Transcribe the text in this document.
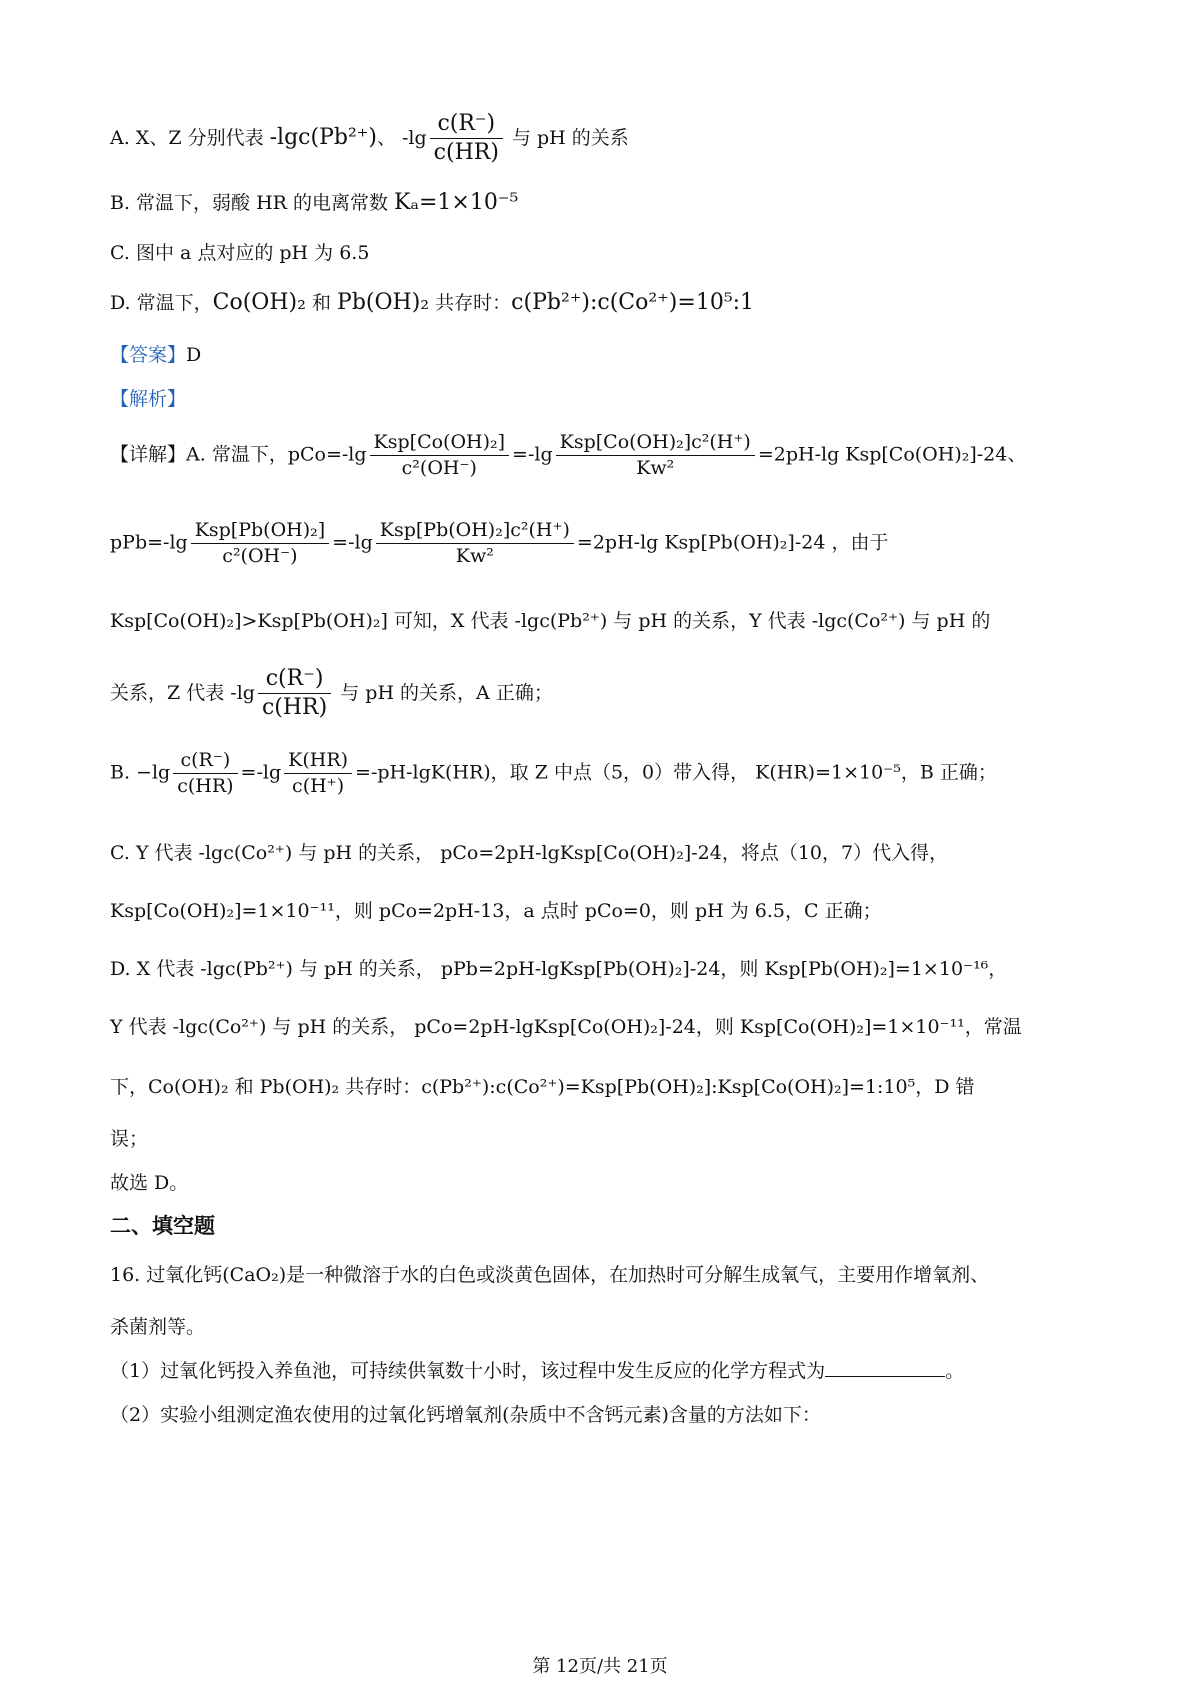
A. X、Z 分别代表 -lgc(Pb²⁺)、 $-\lg \frac{c(R^-)}{c(HR)}$ 与 pH 的关系
B. 常温下，弱酸 HR 的电离常数 Kₐ=1×10⁻⁵
C. 图中 a 点对应的 pH 为 6.5
D. 常温下，Co(OH)₂ 和 Pb(OH)₂ 共存时：c(Pb²⁺):c(Co²⁺)=10⁵:1
【答案】D
【解析】
【详解】A. 常温下，$pCo=-\lg \frac{\text{Ksp[Co(OH)₂]}}{\text{c²(OH⁻)}} =-\lg \frac{\text{Ksp[Co(OH)₂]c²(H⁺)}}{\text{Kw²}} =2pH-\lg$ Ksp[Co(OH)₂]-24、
$pPb=-\lg \frac{\text{Ksp[Pb(OH)₂]}}{\text{c²(OH⁻)}} =-\lg \frac{\text{Ksp[Pb(OH)₂]c²(H⁺)}}{\text{Kw²}} =2pH-\lg$ Ksp[Pb(OH)₂]-24 ，由于
Ksp[Co(OH)₂]>Ksp[Pb(OH)₂] 可知，X 代表 -lgc(Pb²⁺) 与 pH 的关系，Y 代表 -lgc(Co²⁺) 与 pH 的
关系，Z 代表 $-\lg \frac{c(R^-)}{c(HR)}$ 与 pH 的关系，A 正确；
B. $-\lg \frac{c(R^-)}{c(HR)} =-\lg \frac{K(HR)}{c(H^+)} =-pH-\lg K(HR)$，取 Z 中点（5，0）带入得， K(HR)=1×10⁻⁵，B 正确；
C. Y 代表 -lgc(Co²⁺) 与 pH 的关系， pCo=2pH-lgKsp[Co(OH)₂]-24，将点（10，7）代入得，
Ksp[Co(OH)₂]=1×10⁻¹¹，则 pCo=2pH-13，a 点时 pCo=0，则 pH 为 6.5，C 正确；
D. X 代表 -lgc(Pb²⁺) 与 pH 的关系， pPb=2pH-lgKsp[Pb(OH)₂]-24，则 Ksp[Pb(OH)₂]=1×10⁻¹⁶，
Y 代表 -lgc(Co²⁺) 与 pH 的关系， pCo=2pH-lgKsp[Co(OH)₂]-24，则 Ksp[Co(OH)₂]=1×10⁻¹¹，常温
下，Co(OH)₂ 和 Pb(OH)₂ 共存时：c(Pb²⁺):c(Co²⁺)=Ksp[Pb(OH)₂]:Ksp[Co(OH)₂]=1:10⁵，D 错
误；
故选 D。
二、填空题
16. 过氧化钙(CaO₂)是一种微溶于水的白色或淡黄色固体，在加热时可分解生成氧气，主要用作增氧剂、
杀菌剂等。
（1）过氧化钙投入养鱼池，可持续供氧数十小时，该过程中发生反应的化学方程式为	。
（2）实验小组测定渔农使用的过氧化钙增氧剂(杂质中不含钙元素)含量的方法如下：
第 12页/共 21页
